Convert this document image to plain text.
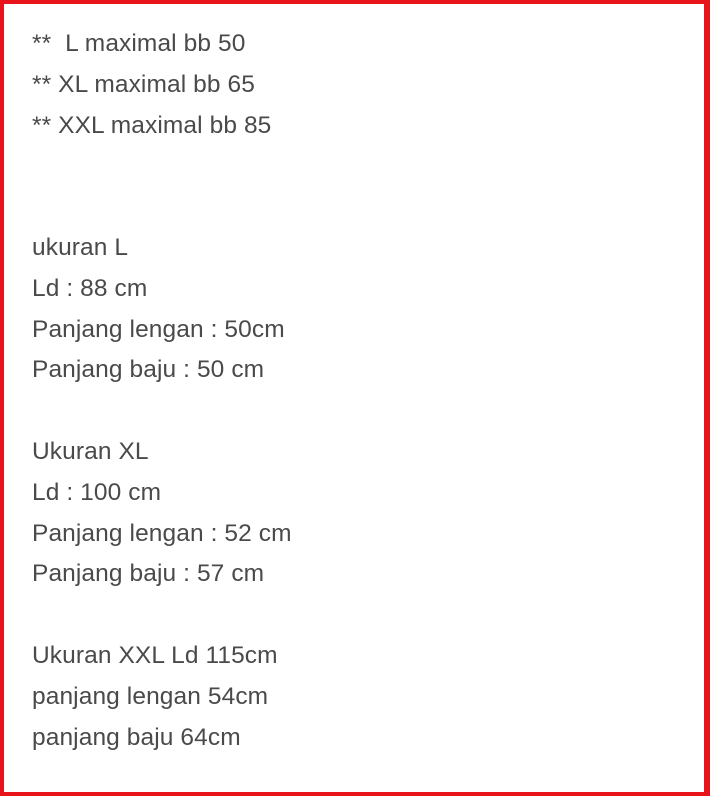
**  L maximal bb 50
** XL maximal bb 65
** XXL maximal bb 85
ukuran L
Ld : 88 cm
Panjang lengan : 50cm
Panjang baju : 50 cm
Ukuran XL
Ld : 100 cm
Panjang lengan : 52 cm
Panjang baju : 57 cm
Ukuran XXL Ld 115cm
panjang lengan 54cm
panjang baju 64cm
